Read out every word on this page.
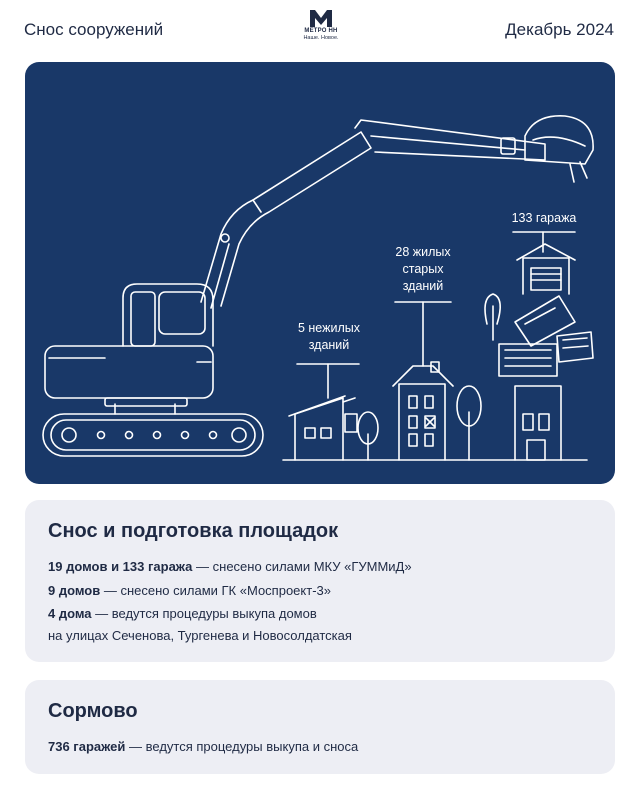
Снос сооружений	МЕТРО НН
Наше. Новое.	Декабрь 2024
5 нежилых
зданий
28 жилых
старых
зданий
133 гаража
Снос и подготовка площадок
19 домов и 133 гаража — снесено силами МКУ «ГУММиД»
9 домов — снесено силами ГК «Моспроект-3»
4 дома — ведутся процедуры выкупа домов
на улицах Сеченова, Тургенева и Новосолдатская
Сормово
736 гаражей — ведутся процедуры выкупа и сноса
